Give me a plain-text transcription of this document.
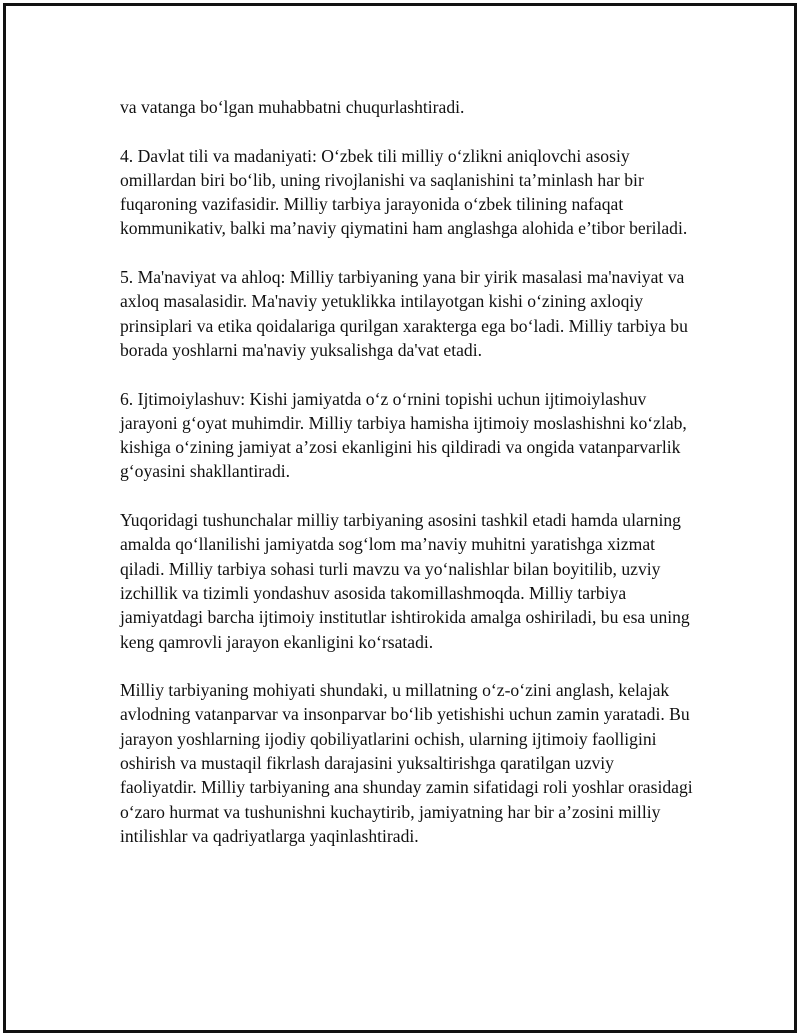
va vatanga bo‘lgan muhabbatni chuqurlashtiradi.

4. Davlat tili va madaniyati: O‘zbek tili milliy o‘zlikni aniqlovchi asosiy omillardan biri bo‘lib, uning rivojlanishi va saqlanishini ta’minlash har bir fuqaroning vazifasidir. Milliy tarbiya jarayonida o‘zbek tilining nafaqat kommunikativ, balki ma’naviy qiymatini ham anglashga alohida e’tibor beriladi.

5. Ma'naviyat va ahloq: Milliy tarbiyaning yana bir yirik masalasi ma'naviyat va axloq masalasidir. Ma'naviy yetuklikka intilayotgan kishi o‘zining axloqiy prinsiplari va etika qoidalariga qurilgan xarakterga ega bo‘ladi. Milliy tarbiya bu borada yoshlarni ma'naviy yuksalishga da'vat etadi.

6. Ijtimoiylashuv: Kishi jamiyatda o‘z o‘rnini topishi uchun ijtimoiylashuv jarayoni g‘oyat muhimdir. Milliy tarbiya hamisha ijtimoiy moslashishni ko‘zlab, kishiga o‘zining jamiyat a’zosi ekanligini his qildiradi va ongida vatanparvarlik g‘oyasini shakllantiradi.

Yuqoridagi tushunchalar milliy tarbiyaning asosini tashkil etadi hamda ularning amalda qo‘llanilishi jamiyatda sog‘lom ma’naviy muhitni yaratishga xizmat qiladi. Milliy tarbiya sohasi turli mavzu va yo‘nalishlar bilan boyitilib, uzviy izchillik va tizimli yondashuv asosida takomillashmoqda. Milliy tarbiya jamiyatdagi barcha ijtimoiy institutlar ishtirokida amalga oshiriladi, bu esa uning keng qamrovli jarayon ekanligini ko‘rsatadi.

Milliy tarbiyaning mohiyati shundaki, u millatning o‘z-o‘zini anglash, kelajak avlodning vatanparvar va insonparvar bo‘lib yetishishi uchun zamin yaratadi. Bu jarayon yoshlarning ijodiy qobiliyatlarini ochish, ularning ijtimoiy faolligini oshirish va mustaqil fikrlash darajasini yuksaltirishga qaratilgan uzviy faoliyatdir. Milliy tarbiyaning ana shunday zamin sifatidagi roli yoshlar orasidagi o‘zaro hurmat va tushunishni kuchaytirib, jamiyatning har bir a’zosini milliy intilishlar va qadriyatlarga yaqinlashtiradi.
